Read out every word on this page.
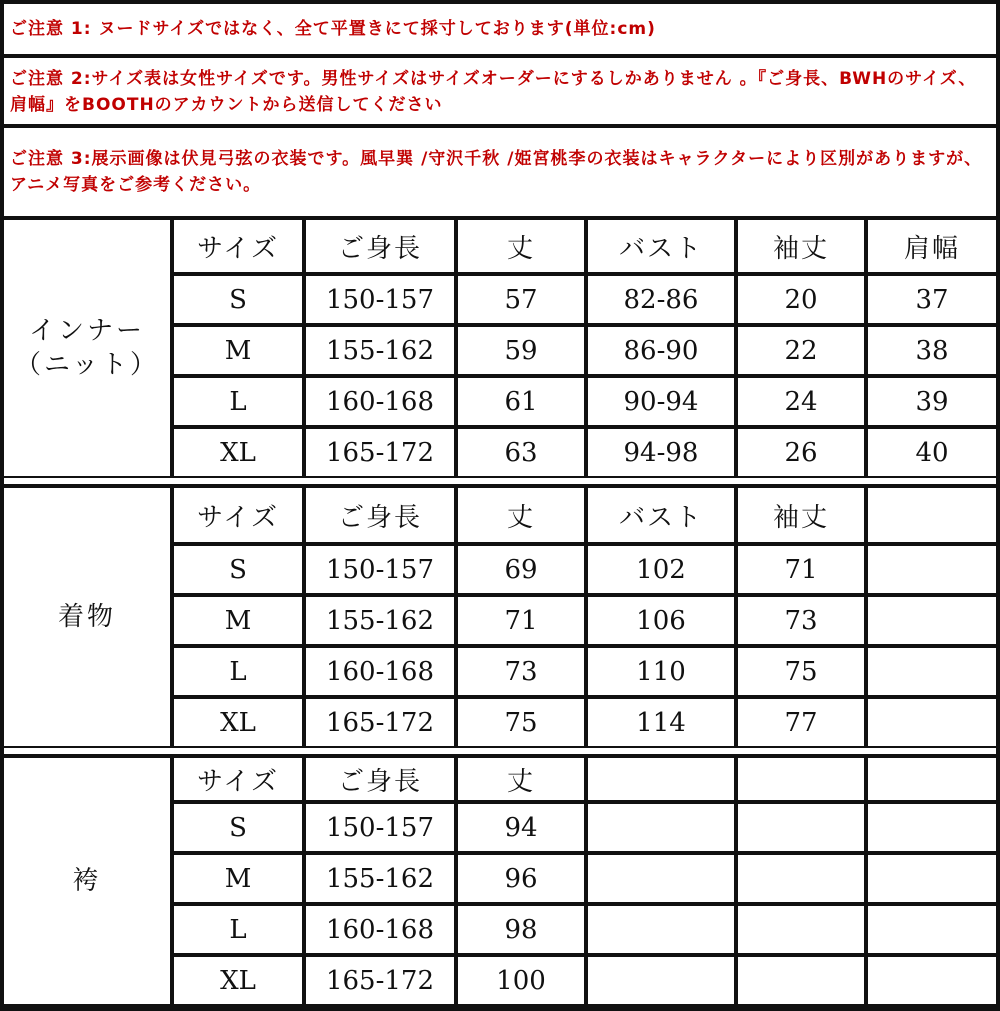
ご注意 1: ヌードサイズではなく、全て平置きにて採寸しております(単位:cm)
ご注意 2:サイズ表は女性サイズです。男性サイズはサイズオーダーにするしかありません 。『ご身長、BWHのサイズ、肩幅』をBOOTHのアカウントから送信してください
ご注意 3:展示画像は伏見弓弦の衣装です。風早巽 /守沢千秋 /姫宮桃李の衣装はキャラクターにより区別がありますが、アニメ写真をご参考ください。
インナー
（ニット）	サイズ	ご身長	丈	バスト	袖丈	肩幅
	S	150-157	57	82-86	20	37
	M	155-162	59	86-90	22	38
	L	160-168	61	90-94	24	39
	XL	165-172	63	94-98	26	40
着物	サイズ	ご身長	丈	バスト	袖丈	
	S	150-157	69	102	71	
	M	155-162	71	106	73	
	L	160-168	73	110	75	
	XL	165-172	75	114	77	
袴	サイズ	ご身長	丈			
	S	150-157	94			
	M	155-162	96			
	L	160-168	98			
	XL	165-172	100			
